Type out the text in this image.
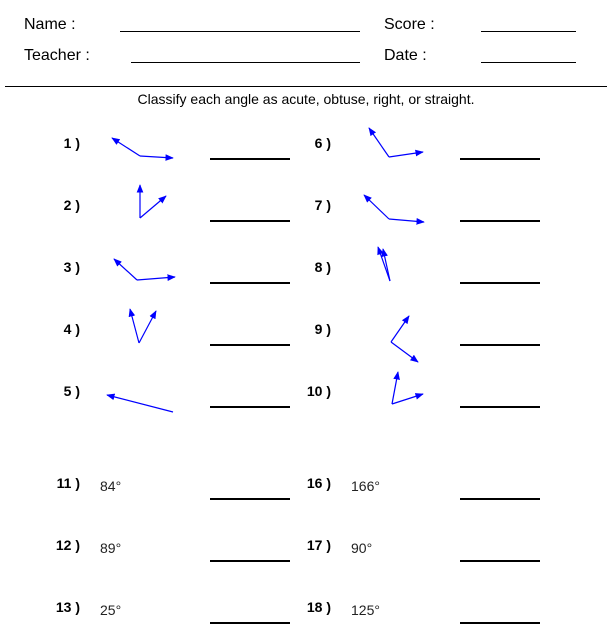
Name :	Score :
Teacher :	Date :
Classify each angle as acute, obtuse, right, or straight.
1 )
2 )
3 )
4 )
5 )
11 )
12 )
13 )
6 )
7 )
8 )
9 )
10 )
16 )
17 )
18 )
84°
89°
25°
166°
90°
125°
